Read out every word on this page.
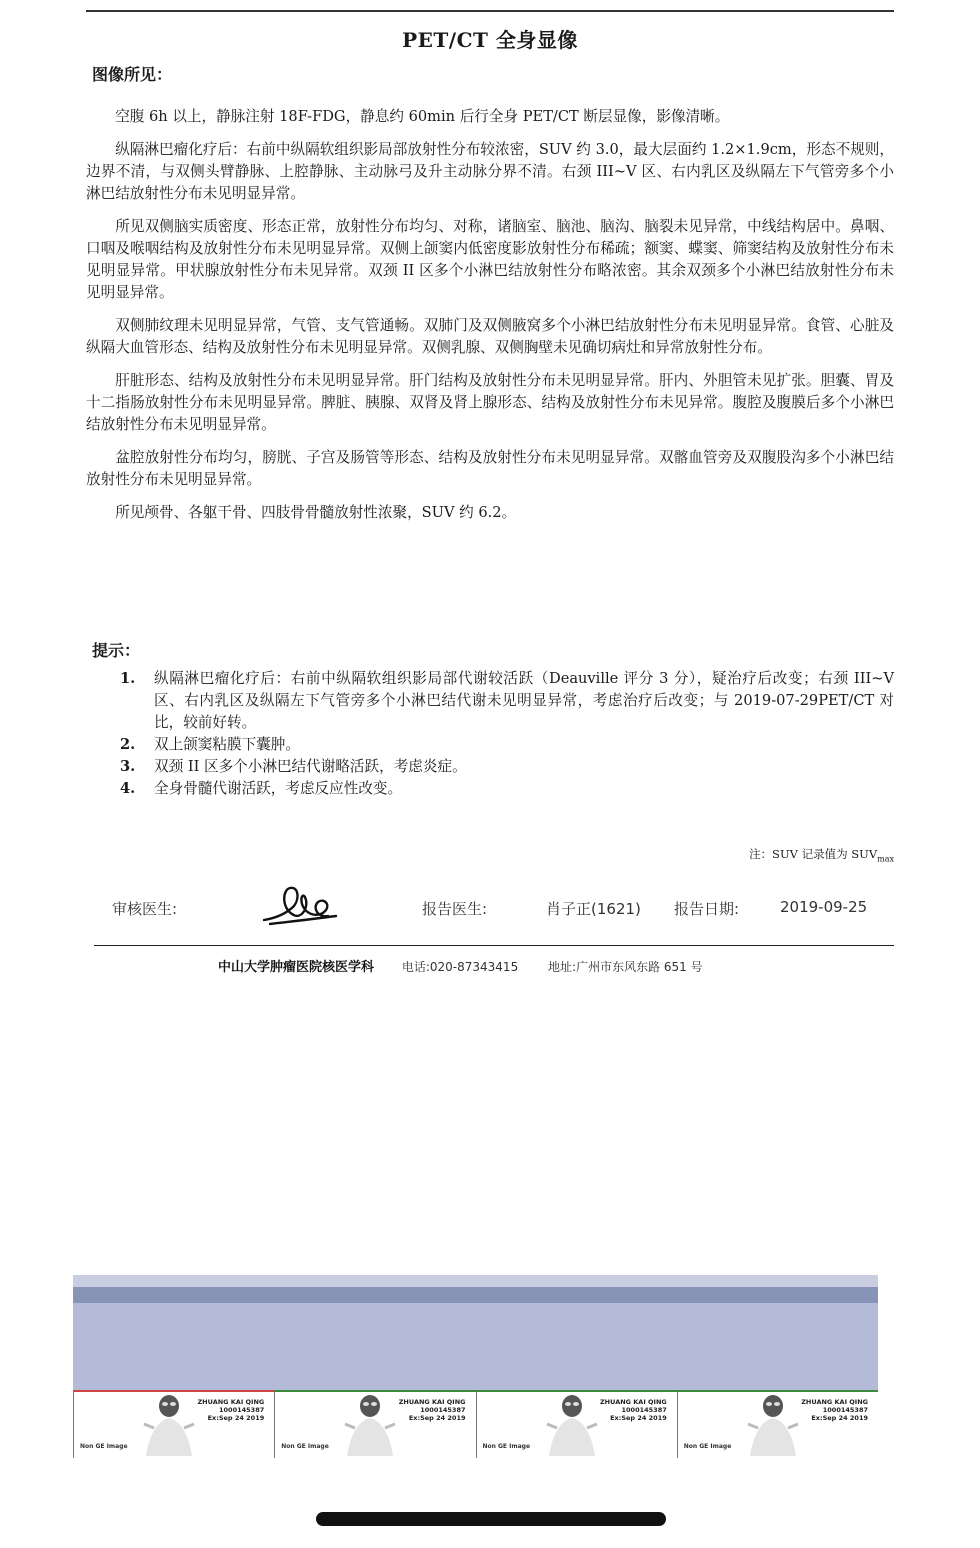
PET/CT 全身显像
图像所见：

空腹 6h 以上，静脉注射 18F-FDG，静息约 60min 后行全身 PET/CT 断层显像，影像清晰。

纵隔淋巴瘤化疗后：右前中纵隔软组织影局部放射性分布较浓密，SUV 约 3.0，最大层面约 1.2×1.9cm，形态不规则，边界不清，与双侧头臂静脉、上腔静脉、主动脉弓及升主动脉分界不清。右颈 III~V 区、右内乳区及纵隔左下气管旁多个小淋巴结放射性分布未见明显异常。

所见双侧脑实质密度、形态正常，放射性分布均匀、对称，诸脑室、脑池、脑沟、脑裂未见异常，中线结构居中。鼻咽、口咽及喉咽结构及放射性分布未见明显异常。双侧上颌窦内低密度影放射性分布稀疏；额窦、蝶窦、筛窦结构及放射性分布未见明显异常。甲状腺放射性分布未见异常。双颈 II 区多个小淋巴结放射性分布略浓密。其余双颈多个小淋巴结放射性分布未见明显异常。

双侧肺纹理未见明显异常，气管、支气管通畅。双肺门及双侧腋窝多个小淋巴结放射性分布未见明显异常。食管、心脏及纵隔大血管形态、结构及放射性分布未见明显异常。双侧乳腺、双侧胸壁未见确切病灶和异常放射性分布。

肝脏形态、结构及放射性分布未见明显异常。肝门结构及放射性分布未见明显异常。肝内、外胆管未见扩张。胆囊、胃及十二指肠放射性分布未见明显异常。脾脏、胰腺、双肾及肾上腺形态、结构及放射性分布未见异常。腹腔及腹膜后多个小淋巴结放射性分布未见明显异常。

盆腔放射性分布均匀，膀胱、子宫及肠管等形态、结构及放射性分布未见明显异常。双髂血管旁及双腹股沟多个小淋巴结放射性分布未见明显异常。

所见颅骨、各躯干骨、四肢骨骨髓放射性浓聚，SUV 约 6.2。

提示：
1.	纵隔淋巴瘤化疗后：右前中纵隔软组织影局部代谢较活跃（Deauville 评分 3 分），疑治疗后改变；右颈 III~V 区、右内乳区及纵隔左下气管旁多个小淋巴结代谢未见明显异常，考虑治疗后改变；与 2019-07-29PET/CT 对比，较前好转。
2.	双上颌窦粘膜下囊肿。
3.	双颈 II 区多个小淋巴结代谢略活跃，考虑炎症。
4.	全身骨髓代谢活跃，考虑反应性改变。
注：SUV 记录值为 $SUV_{max}$
审核医生:	报告医生:	肖子正(1621) 报告日期:	2019-09-25
中山大学肿瘤医院核医学科 电话:020-87343415 地址:广州市东风东路 651 号
ZHUANG KAI QING
1000145387
Ex:Sep 24 2019
Non GE Image
ZHUANG KAI QING
1000145387
Ex:Sep 24 2019
Non GE Image
ZHUANG KAI QING
1000145387
Ex:Sep 24 2019
Non GE Image
ZHUANG KAI QING
1000145387
Ex:Sep 24 2019
Non GE Image
